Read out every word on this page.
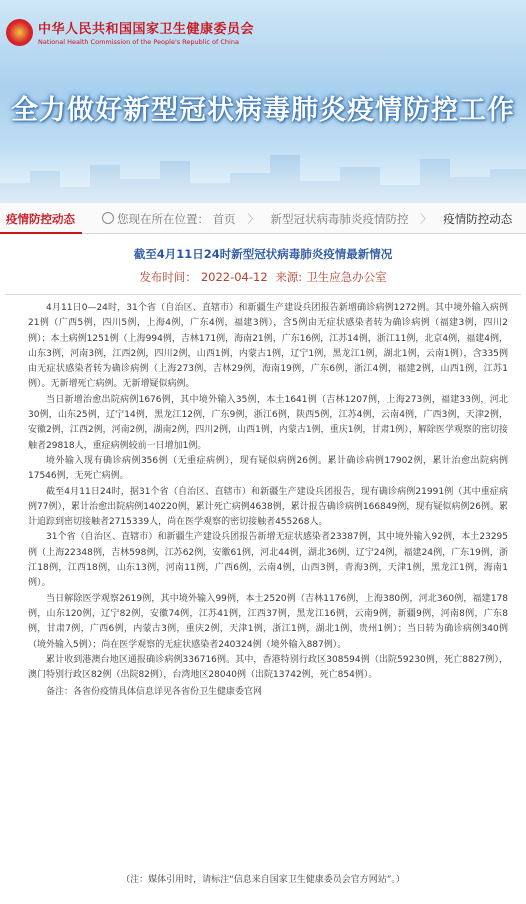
中华人民共和国国家卫生健康委员会
National Health Commission of the People's Republic of China
全力做好新型冠状病毒肺炎疫情防控工作
疫情防控动态	您现在所在位置： 首页 〉 新型冠状病毒肺炎疫情防控 〉 疫情防控动态
截至4月11日24时新型冠状病毒肺炎疫情最新情况
发布时间： 2022-04-12 来源: 卫生应急办公室

4月11日0—24时，31个省（自治区、直辖市）和新疆生产建设兵团报告新增确诊病例1272例。其中境外输入病例21例（广西5例，四川5例，上海4例，广东4例，福建3例），含5例由无症状感染者转为确诊病例（福建3例，四川2例）；本土病例1251例（上海994例，吉林171例，海南21例，广东16例，江苏14例，浙江11例，北京4例，福建4例，山东3例，河南3例，江西2例，四川2例，山西1例，内蒙古1例，辽宁1例，黑龙江1例，湖北1例，云南1例），含335例由无症状感染者转为确诊病例（上海273例，吉林29例，海南19例，广东6例，浙江4例，福建2例，山西1例，江苏1例）。无新增死亡病例。无新增疑似病例。

当日新增治愈出院病例1676例，其中境外输入35例，本土1641例（吉林1207例，上海273例，福建33例，河北30例，山东25例，辽宁14例，黑龙江12例，广东9例，浙江6例，陕西5例，江苏4例，云南4例，广西3例，天津2例，安徽2例，江西2例，河南2例，湖南2例，四川2例，山西1例，内蒙古1例，重庆1例，甘肃1例），解除医学观察的密切接触者29818人，重症病例较前一日增加1例。

境外输入现有确诊病例356例（无重症病例），现有疑似病例26例。累计确诊病例17902例，累计治愈出院病例17546例，无死亡病例。

截至4月11日24时，据31个省（自治区、直辖市）和新疆生产建设兵团报告，现有确诊病例21991例（其中重症病例77例），累计治愈出院病例140220例，累计死亡病例4638例，累计报告确诊病例166849例，现有疑似病例26例。累计追踪到密切接触者2715339人，尚在医学观察的密切接触者455268人。

31个省（自治区、直辖市）和新疆生产建设兵团报告新增无症状感染者23387例，其中境外输入92例，本土23295例（上海22348例，吉林598例，江苏62例，安徽61例，河北44例，湖北36例，辽宁24例，福建24例，广东19例，浙江18例，江西18例，山东13例，河南11例，广西6例，云南4例，山西3例，青海3例，天津1例，黑龙江1例，海南1例）。

当日解除医学观察2619例，其中境外输入99例，本土2520例（吉林1176例，上海380例，河北360例，福建178例，山东120例，辽宁82例，安徽74例，江苏41例，江西37例，黑龙江16例，云南9例，新疆9例，河南8例，广东8例，甘肃7例，广西6例，内蒙古3例，重庆2例，天津1例，浙江1例，湖北1例，贵州1例）；当日转为确诊病例340例（境外输入5例）；尚在医学观察的无症状感染者240324例（境外输入887例）。

累计收到港澳台地区通报确诊病例336716例。其中，香港特别行政区308594例（出院59230例，死亡8827例），澳门特别行政区82例（出院82例），台湾地区28040例（出院13742例，死亡854例）。

备注：各省份疫情具体信息详见各省份卫生健康委官网

（注：媒体引用时，请标注“信息来自国家卫生健康委员会官方网站”。）
